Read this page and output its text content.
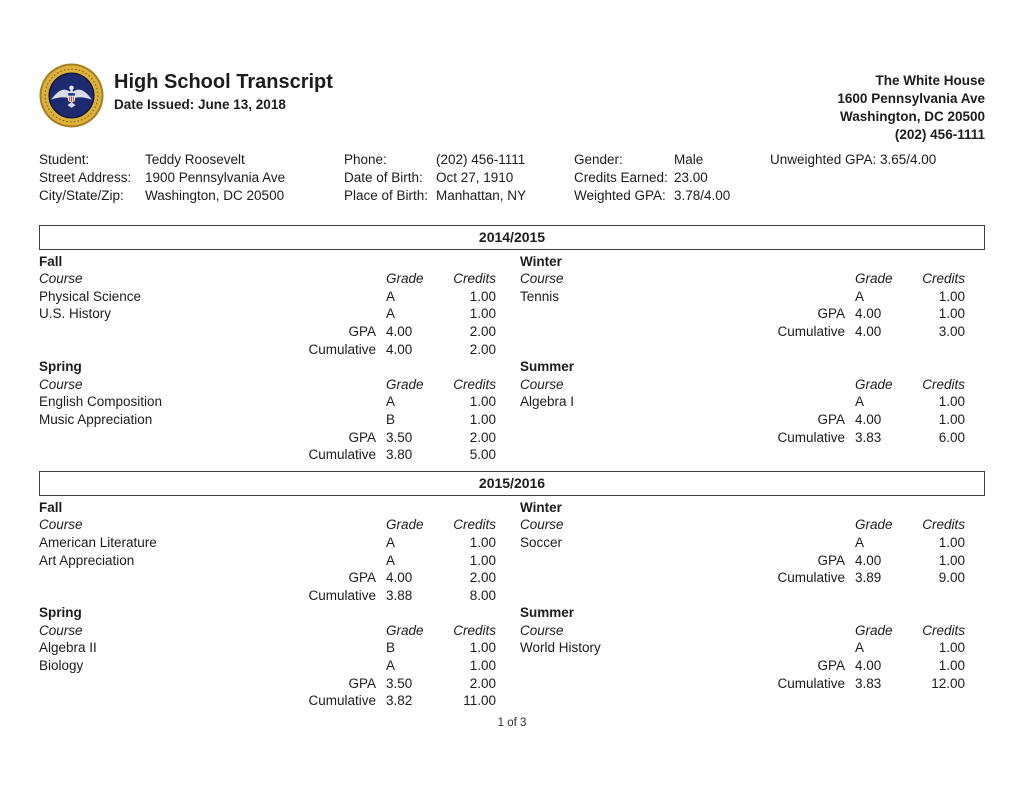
High School Transcript
Date Issued: June 13, 2018
The White House
1600 Pennsylvania Ave
Washington, DC 20500
(202) 456-1111
Student:	Teddy Roosevelt
Street Address:	1900 Pennsylvania Ave
City/State/Zip:	Washington, DC 20500
Phone:	(202) 456-1111
Date of Birth: Oct 27, 1910
Place of Birth: Manhattan, NY
Gender:	Male
Credits Earned: 23.00
Weighted GPA: 3.78/4.00
Unweighted GPA: 3.65/4.00
2014/2015
Fall
Course	Grade	Credits
Physical Science	A	1.00
U.S. History	A	1.00
GPA 4.00	2.00
Cumulative 4.00	2.00
Winter
Course	Grade	Credits
Tennis	A	1.00
GPA 4.00	1.00
Cumulative 4.00	3.00
Spring
Course	Grade	Credits
English Composition	A	1.00
Music Appreciation	B	1.00
GPA 3.50	2.00
Cumulative 3.80	5.00
Summer
Course	Grade	Credits
Algebra I	A	1.00
GPA 4.00	1.00
Cumulative 3.83	6.00
2015/2016
Fall
Course	Grade	Credits
American Literature	A	1.00
Art Appreciation	A	1.00
GPA 4.00	2.00
Cumulative 3.88	8.00
Winter
Course	Grade	Credits
Soccer	A	1.00
GPA 4.00	1.00
Cumulative 3.89	9.00
Spring
Course	Grade	Credits
Algebra II	B	1.00
Biology	A	1.00
GPA 3.50	2.00
Cumulative 3.82	11.00
Summer
Course	Grade	Credits
World History	A	1.00
GPA 4.00	1.00
Cumulative 3.83	12.00
1 of 3
